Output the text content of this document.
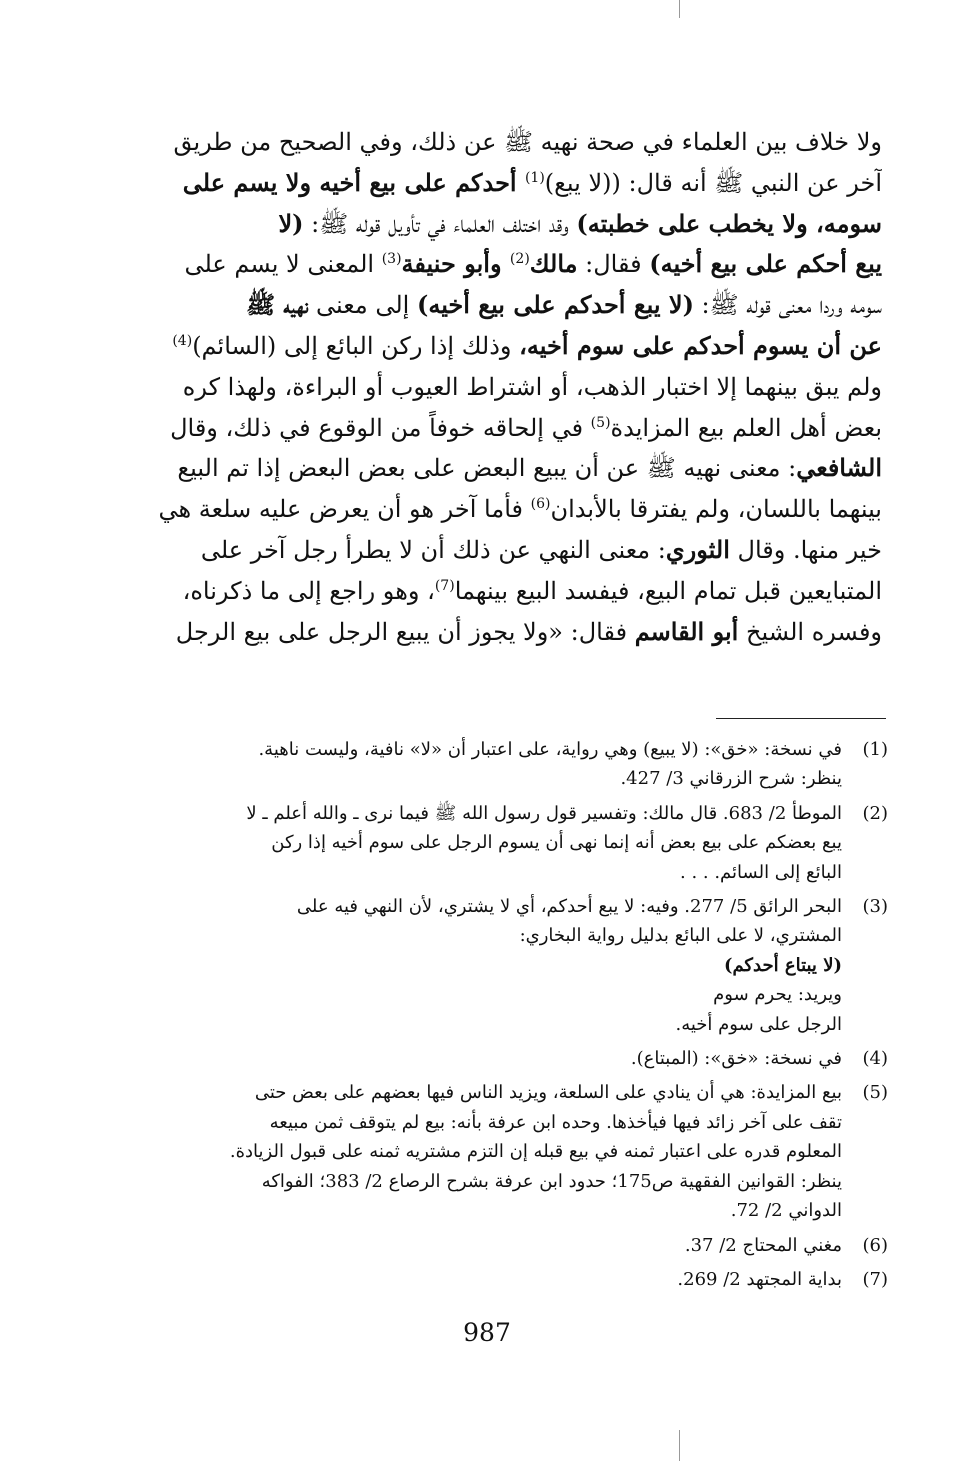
ولا خلاف بين العلماء في صحة نهيه ﷺ عن ذلك، وفي الصحيح من طريق
آخر عن النبي ﷺ أنه قال: ((لا يبع)$^{(1)}$ أحدكم على بيع أخيه ولا يسم على
سومه، ولا يخطب على خطبته) وقد اختلف العلماء في تأويل قوله ﷺ: (لا
يبع أحكم على بيع أخيه) فقال: مالك$^{(2)}$ وأبو حنيفة$^{(3)}$ المعنى لا يسم على
سومه وردا معنى قوله ﷺ: (لا يبع أحدكم على بيع أخيه) إلى معنى نهيه ﷺ
عن أن يسوم أحدكم على سوم أخيه، وذلك إذا ركن البائع إلى (السائم)$^{(4)}$
ولم يبق بينهما إلا اختبار الذهب، أو اشتراط العيوب أو البراءة، ولهذا كره
بعض أهل العلم بيع المزايدة$^{(5)}$ في إلحاقه خوفاً من الوقوع في ذلك، وقال
الشافعي: معنى نهيه ﷺ عن أن يبيع البعض على بعض البعض إذا تم البيع
بينهما باللسان، ولم يفترقا بالأبدان$^{(6)}$ فأما آخر هو أن يعرض عليه سلعة هي
خير منها. وقال الثوري: معنى النهي عن ذلك أن لا يطرأ رجل آخر على
المتبايعين قبل تمام البيع، فيفسد البيع بينهما$^{(7)}$، وهو راجع إلى ما ذكرناه،
وفسره الشيخ أبو القاسم فقال: «ولا يجوز أن يبيع الرجل على بيع الرجل
(1)
في نسخة: «خق»: (لا يبيع) وهي رواية، على اعتبار أن «لا» نافية، وليست ناهية.
ينظر: شرح الزرقاني 3/ 427.
(2)
الموطأ 2/ 683. قال مالك: وتفسير قول رسول الله ﷺ فيما نرى ـ والله أعلم ـ لا
يبع بعضكم على بيع بعض أنه إنما نهى أن يسوم الرجل على سوم أخيه إذا ركن
البائع إلى السائم. . . .
(3)
البحر الرائق 5/ 277. وفيه: لا يبع أحدكم، أي لا يشتري، لأن النهي فيه على
المشتري، لا على البائع بدليل رواية البخاري:
(لا يبتاع أحدكم)
ويريد: يحرم سوم
الرجل على سوم أخيه.
(4)
في نسخة: «خق»: (المبتاع).
(5)
بيع المزايدة: هي أن ينادي على السلعة، ويزيد الناس فيها بعضهم على بعض حتى
تقف على آخر زائد فيها فيأخذها. وحده ابن عرفة بأنه: بيع لم يتوقف ثمن مبيعه
المعلوم قدره على اعتبار ثمنه في بيع قبله إن التزم مشتريه ثمنه على قبول الزيادة.
ينظر: القوانين الفقهية ص175؛ حدود ابن عرفة بشرح الرصاع 2/ 383؛ الفواكه
الدواني 2/ 72.
(6)
مغني المحتاج 2/ 37.
(7)
بداية المجتهد 2/ 269.
987
